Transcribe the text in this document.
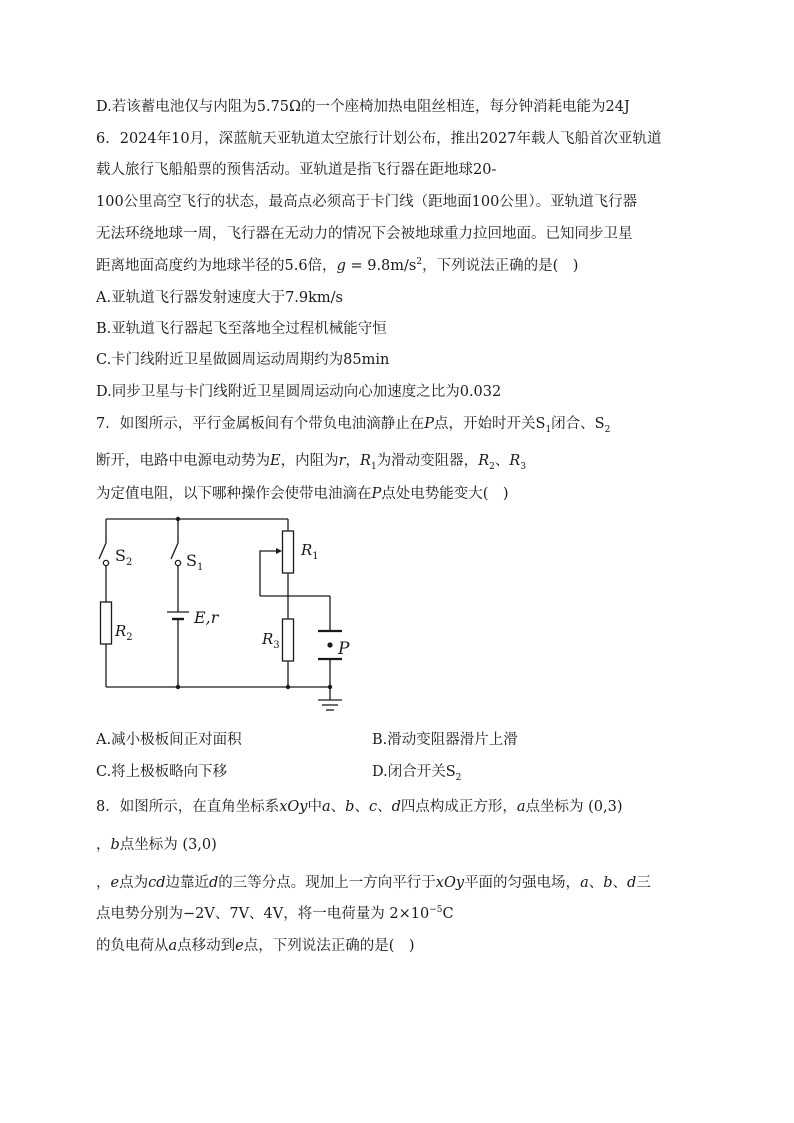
D.若该蓄电池仅与内阻为5.75Ω的一个座椅加热电阻丝相连，每分钟消耗电能为24J
6．2024年10月，深蓝航天亚轨道太空旅行计划公布，推出2027年载人飞船首次亚轨道
载人旅行飞船船票的预售活动。亚轨道是指飞行器在距地球20-
100公里高空飞行的状态，最高点必须高于卡门线（距地面100公里）。亚轨道飞行器
无法环绕地球一周，飞行器在无动力的情况下会被地球重力拉回地面。已知同步卫星
距离地面高度约为地球半径的5.6倍，$g = 9.8m/s^2$，下列说法正确的是(　)
A.亚轨道飞行器发射速度大于7.9km/s
B.亚轨道飞行器起飞至落地全过程机械能守恒
C.卡门线附近卫星做圆周运动周期约为85min
D.同步卫星与卡门线附近卫星圆周运动向心加速度之比为0.032
7．如图所示，平行金属板间有个带负电油滴静止在P点，开始时开关$S_1$闭合、$S_2$
断开，电路中电源电动势为E，内阻为r，$R_1$为滑动变阻器，$R_2$、$R_3$
为定值电阻，以下哪种操作会使带电油滴在P点处电势能变大(　)
$S_2$	$S_1$
$R_1$
$R_2$	$R_3$
E,r
P
A.减小极板间正对面积	B.滑动变阻器滑片上滑
C.将上极板略向下移	D.闭合开关$S_2$
8．如图所示，在直角坐标系xOy中a、b、c、d四点构成正方形，a点坐标为 (0,3)
，b点坐标为 (3,0)
，e点为cd边靠近d的三等分点。现加上一方向平行于xOy平面的匀强电场，a、b、d三
点电势分别为−2V、7V、4V，将一电荷量为 $2\times 10^{-5}C$
的负电荷从a点移动到e点，下列说法正确的是(　)
